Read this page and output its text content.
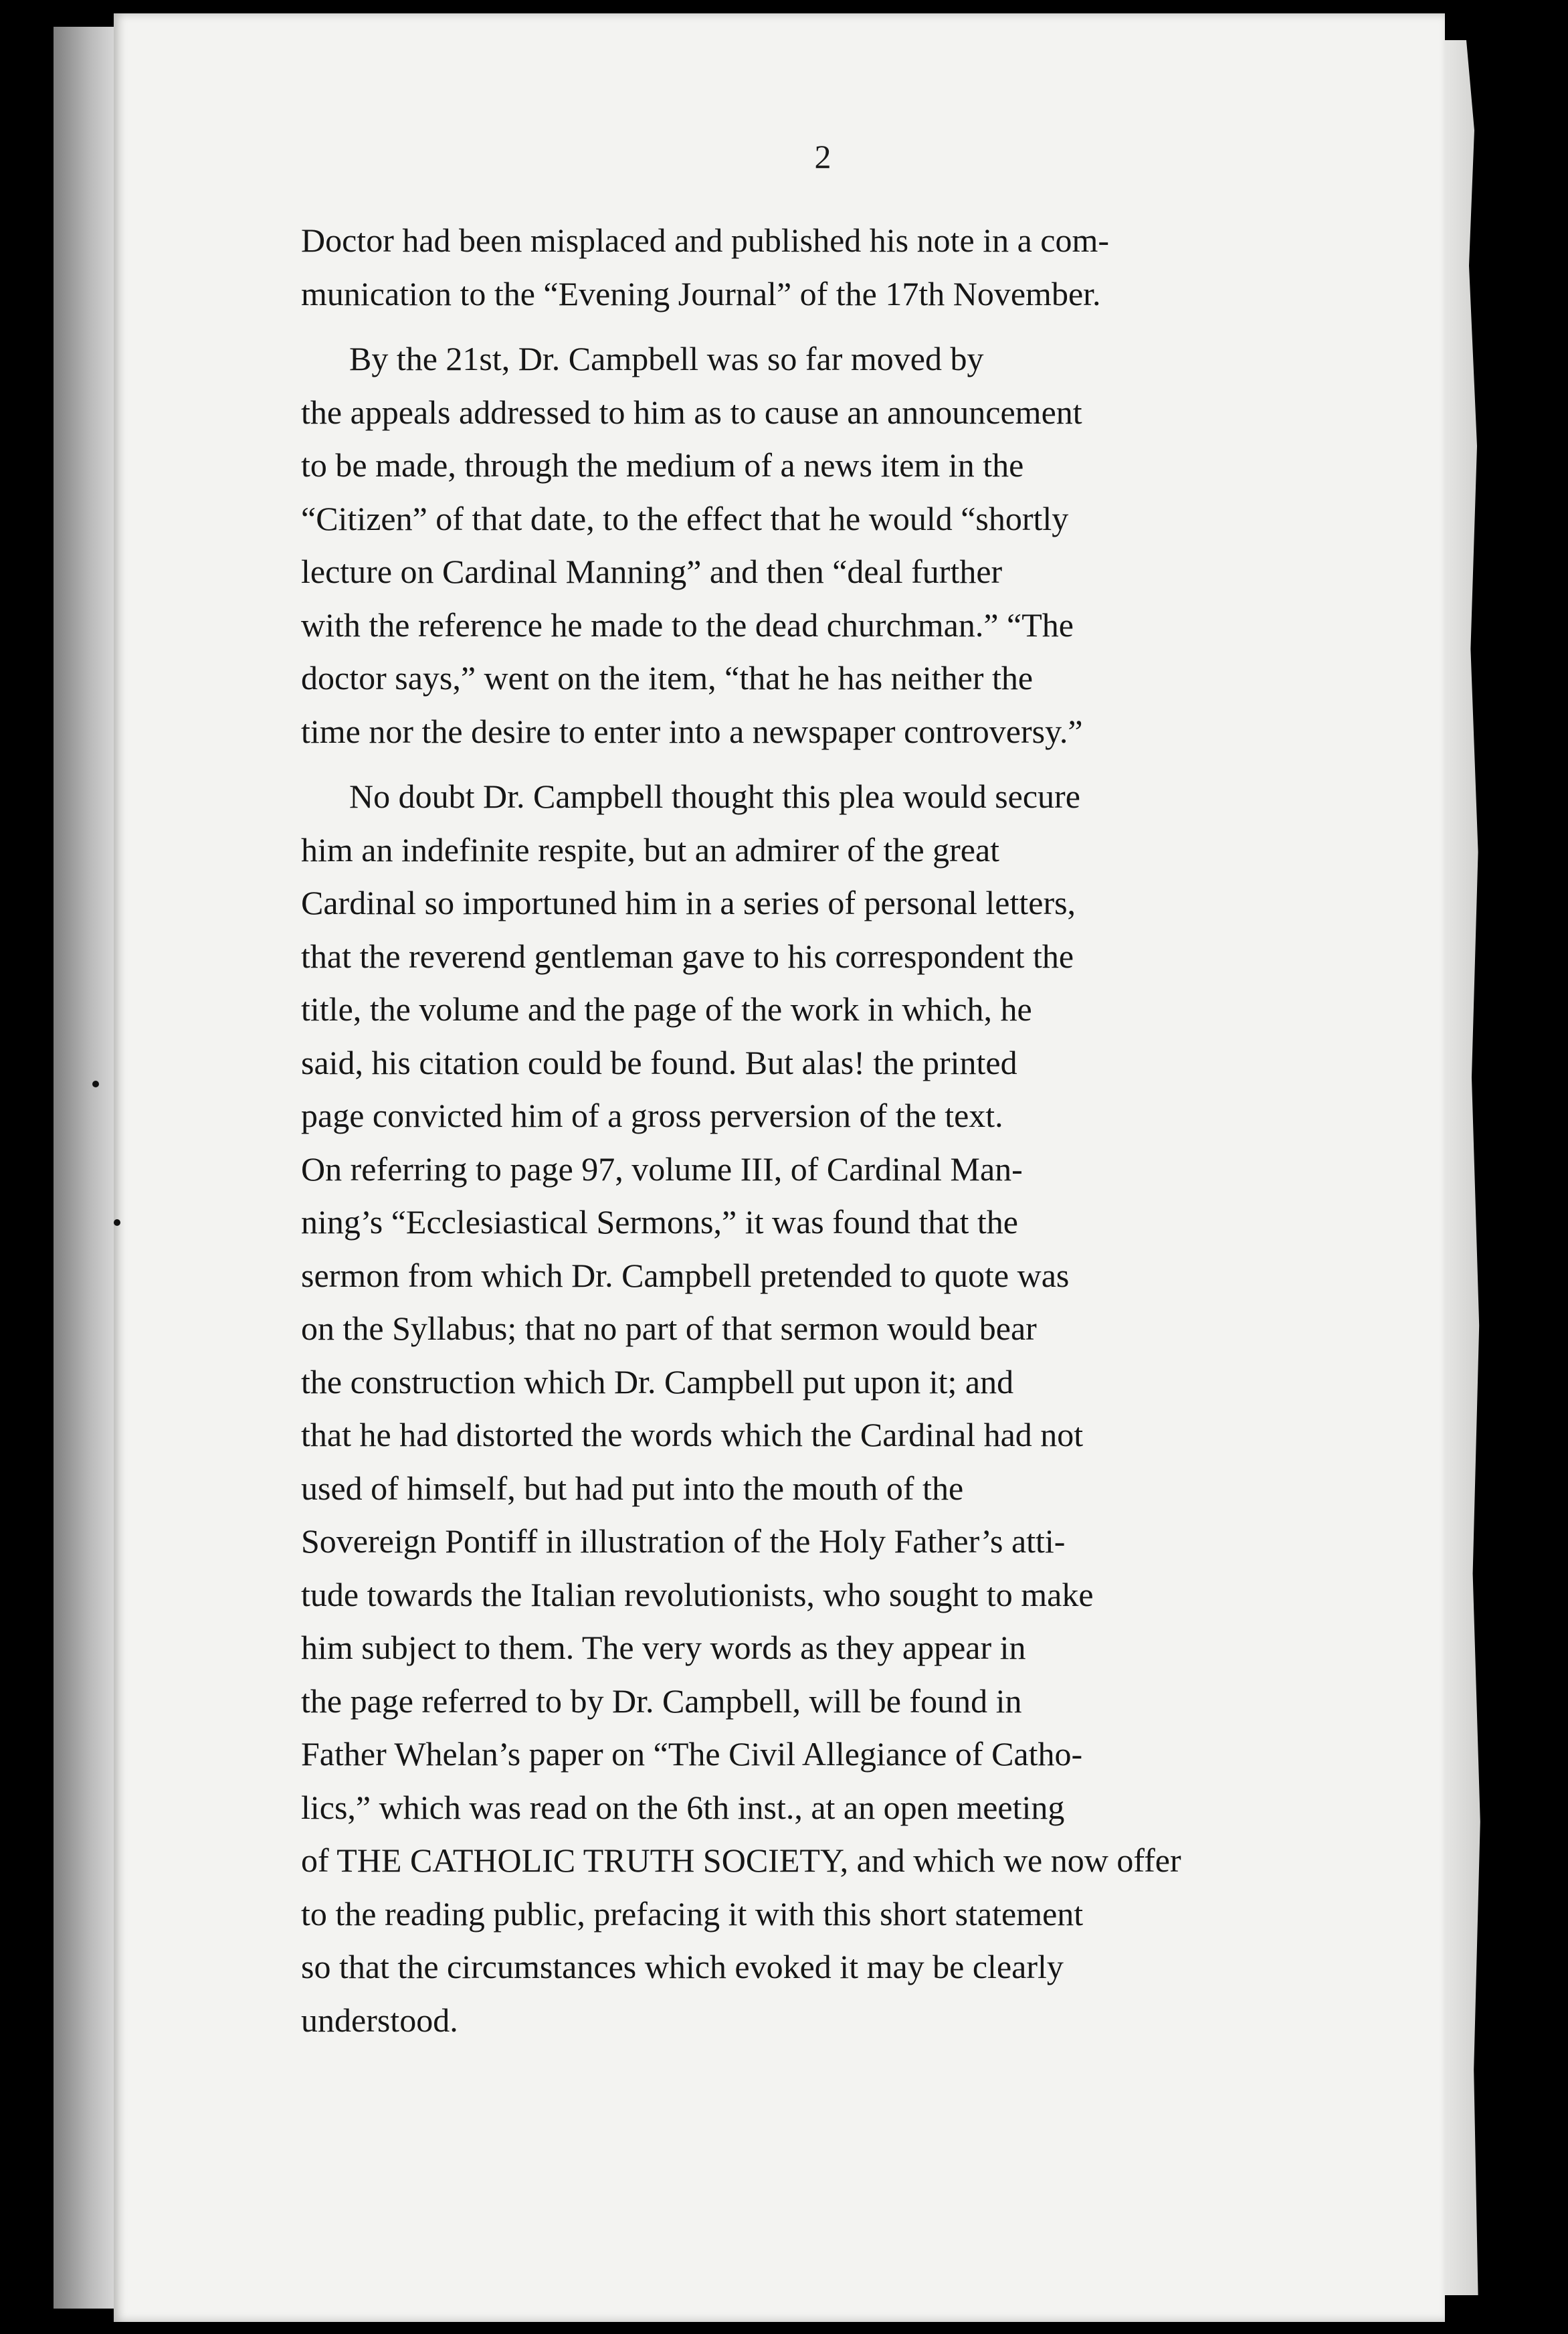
2

Doctor had been misplaced and published his note in a com-
munication to the “Evening Journal” of the 17th November.

By the 21st, Dr. Campbell was so far moved by
the appeals addressed to him as to cause an announcement
to be made, through the medium of a news item in the
“Citizen” of that date, to the effect that he would “shortly
lecture on Cardinal Manning” and then “deal further
with the reference he made to the dead churchman.” “The
doctor says,” went on the item, “that he has neither the
time nor the desire to enter into a newspaper controversy.”

No doubt Dr. Campbell thought this plea would secure
him an indefinite respite, but an admirer of the great
Cardinal so importuned him in a series of personal letters,
that the reverend gentleman gave to his correspondent the
title, the volume and the page of the work in which, he
said, his citation could be found. But alas! the printed
page convicted him of a gross perversion of the text.
On referring to page 97, volume III, of Cardinal Man-
ning’s “Ecclesiastical Sermons,” it was found that the
sermon from which Dr. Campbell pretended to quote was
on the Syllabus; that no part of that sermon would bear
the construction which Dr. Campbell put upon it; and
that he had distorted the words which the Cardinal had not
used of himself, but had put into the mouth of the
Sovereign Pontiff in illustration of the Holy Father’s atti-
tude towards the Italian revolutionists, who sought to make
him subject to them. The very words as they appear in
the page referred to by Dr. Campbell, will be found in
Father Whelan’s paper on “The Civil Allegiance of Catho-
lics,” which was read on the 6th inst., at an open meeting
of THE CATHOLIC TRUTH SOCIETY, and which we now offer
to the reading public, prefacing it with this short statement
so that the circumstances which evoked it may be clearly
understood.
